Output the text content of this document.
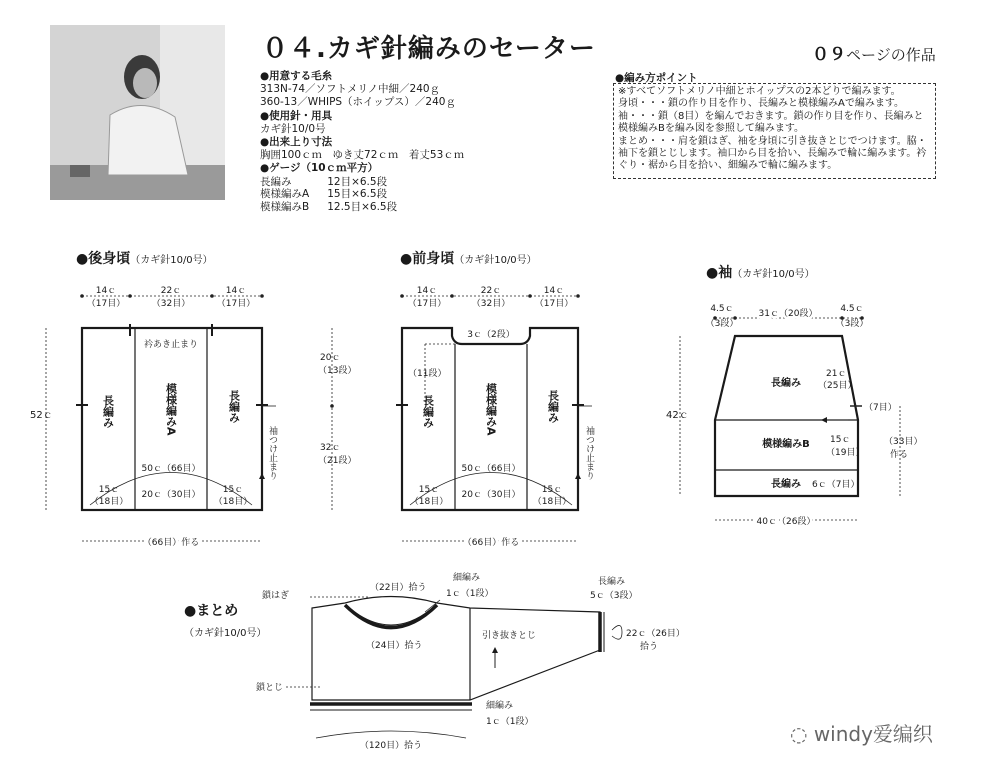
０４.カギ針編みのセーター	０９ページの作品
●用意する毛糸
313N-74／ソフトメリノ中細／240ｇ
360-13／WHIPS（ホイップス）／240ｇ
●使用針・用具
カギ針10/0号
●出来上り寸法
胸囲100ｃｍ　ゆき丈72ｃｍ　着丈53ｃｍ
●ゲージ（10ｃｍ平方）
長編み	12目×6.5段
模様編みA	15目×6.5段
模様編みB	12.5目×6.5段
●編み方ポイント
※すべてソフトメリノ中細とホイップスの2本どりで編みます。
身頃・・・鎖の作り目を作り、長編みと模様編みAで編みます。
袖・・・鎖（8目）を編んでおきます。鎖の作り目を作り、長編みと模様編みBを編み図を参照して編みます。
まとめ・・・肩を鎖はぎ、袖を身頃に引き抜きとじでつけます。脇・袖下を鎖とじします。袖口から目を拾い、長編みで輪に編みます。衿ぐり・裾から目を拾い、細編みで輪に編みます。
●後身頃（カギ針10/0号）	●前身頃（カギ針10/0号）
●袖（カギ針10/0号）
●まとめ
（カギ針10/0号）
14ｃ
（17目）
22ｃ
（32目）
14ｃ
（17目）
衿あき止まり
長編み	模様編みA	長編み
52ｃ
袖つけ止まり
50ｃ（66目）
15ｃ
（18目）
20ｃ（30目） 15ｃ
（18目）
（66目）作る
14ｃ
（17目）
22ｃ
（32目）
14ｃ
（17目）
3ｃ（2段）
（11段）
長編み	模様編みA	長編み
20ｃ
（13段）
32ｃ
（21段）	袖つけ止まり
50ｃ（66目）
15ｃ
（18目）
20ｃ（30目） 15ｃ
（18目）
（66目）作る
4.5ｃ
（3段）
31ｃ（20段）	4.5ｃ
（3段）
長編み
模様編みB
長編み
21ｃ
（25目）
（7目）
15ｃ
（19目）
6ｃ（7目）
42ｃ
（33目）
作る
40ｃ（26段）
鎖はぎ
（22目）拾う
細編み
1ｃ（1段）
（24目）拾う
引き抜きとじ
長編み
5ｃ（3段）
22ｃ（26目）
拾う
鎖とじ
細編み
1ｃ（1段）
（120目）拾う	◌ windy爱编织
